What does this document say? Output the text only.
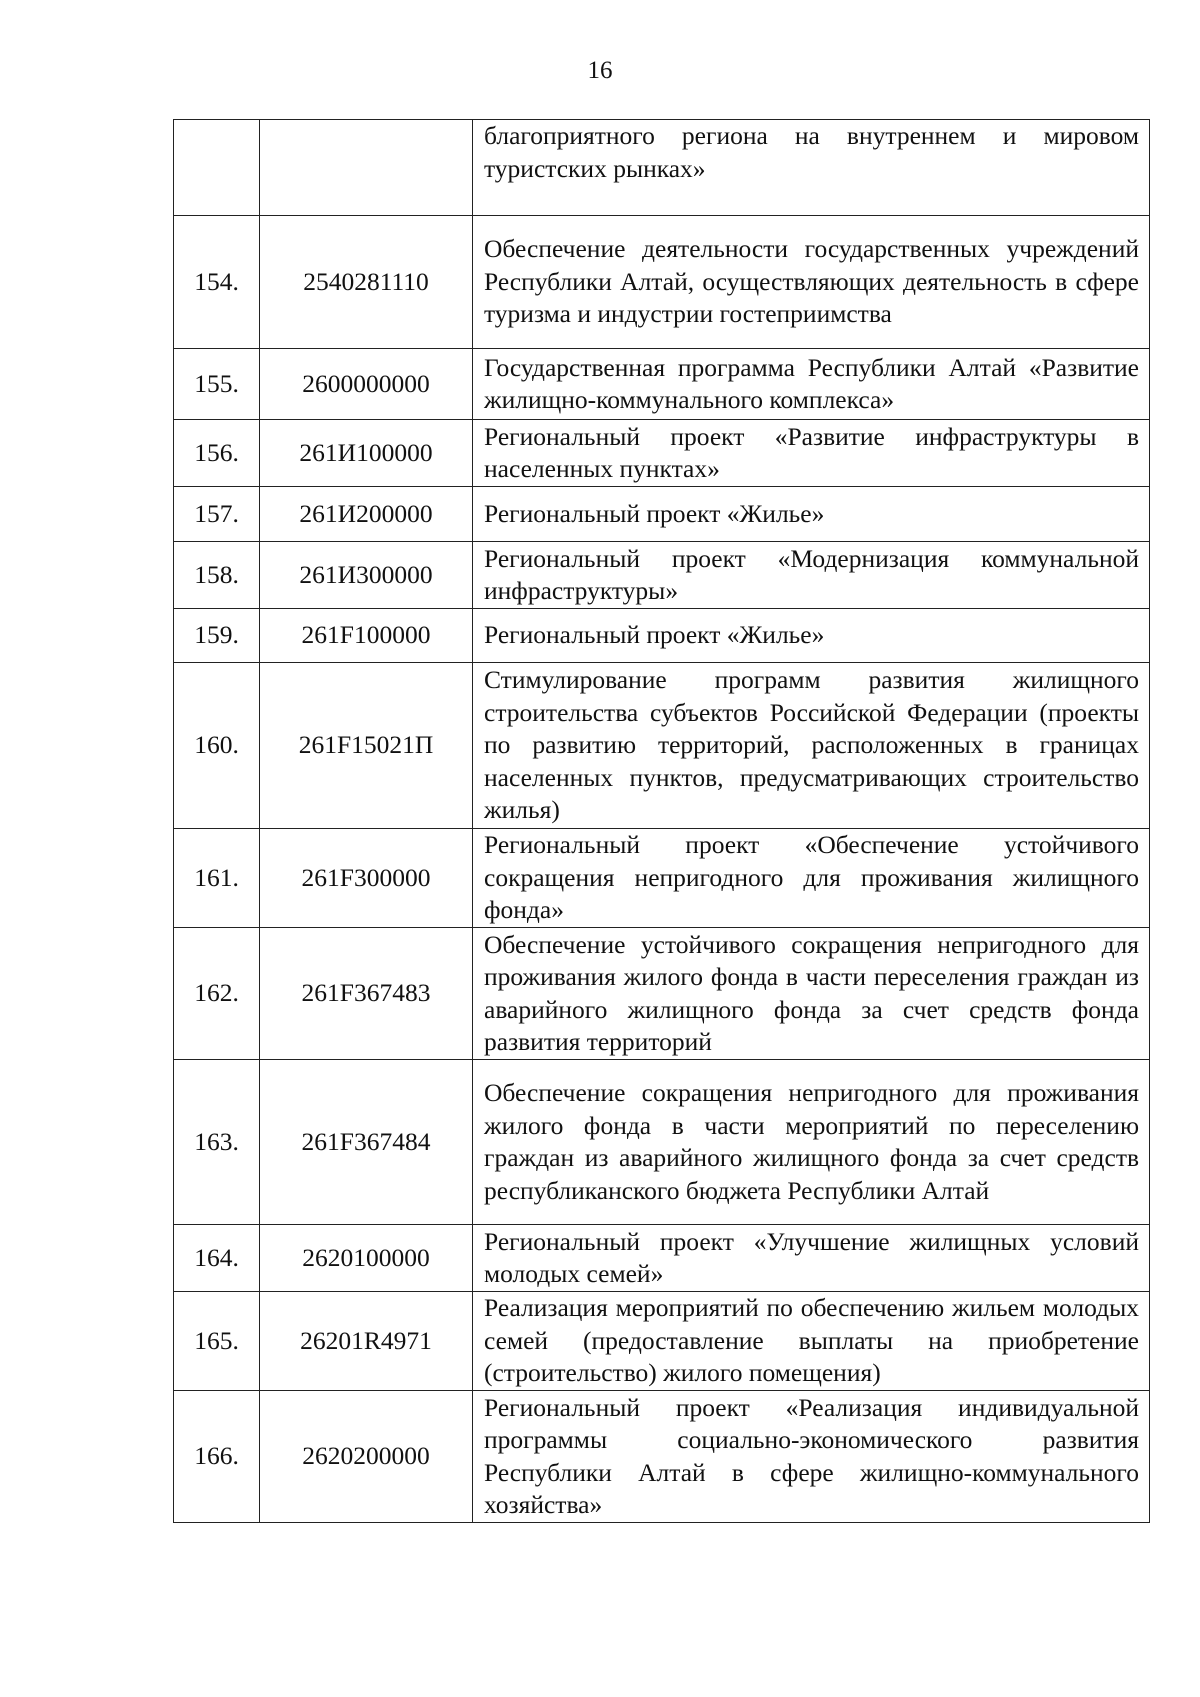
16
		благоприятного региона на внутреннем и мировом туристских рынках»
154.	2540281110	Обеспечение деятельности государственных учреждений Республики Алтай, осуществляющих деятельность в сфере туризма и индустрии гостеприимства
155.	2600000000	Государственная программа Республики Алтай «Развитие жилищно-коммунального комплекса»
156.	261И100000	Региональный проект «Развитие инфраструктуры в населенных пунктах»
157.	261И200000	Региональный проект «Жилье»
158.	261И300000	Региональный проект «Модернизация коммунальной инфраструктуры»
159.	261F100000	Региональный проект «Жилье»
160.	261F15021П	Стимулирование программ развития жилищного строительства субъектов Российской Федерации (проекты по развитию территорий, расположенных в границах населенных пунктов, предусматривающих строительство жилья)
161.	261F300000	Региональный проект «Обеспечение устойчивого сокращения непригодного для проживания жилищного фонда»
162.	261F367483	Обеспечение устойчивого сокращения непригодного для проживания жилого фонда в части переселения граждан из аварийного жилищного фонда за счет средств фонда развития территорий
163.	261F367484	Обеспечение сокращения непригодного для проживания жилого фонда в части мероприятий по переселению граждан из аварийного жилищного фонда за счет средств республиканского бюджета Республики Алтай
164.	2620100000	Региональный проект «Улучшение жилищных условий молодых семей»
165.	26201R4971	Реализация мероприятий по обеспечению жильем молодых семей (предоставление выплаты на приобретение (строительство) жилого помещения)
166.	2620200000	Региональный проект «Реализация индивидуальной программы социально-экономического развития Республики Алтай в сфере жилищно-коммунального хозяйства»
